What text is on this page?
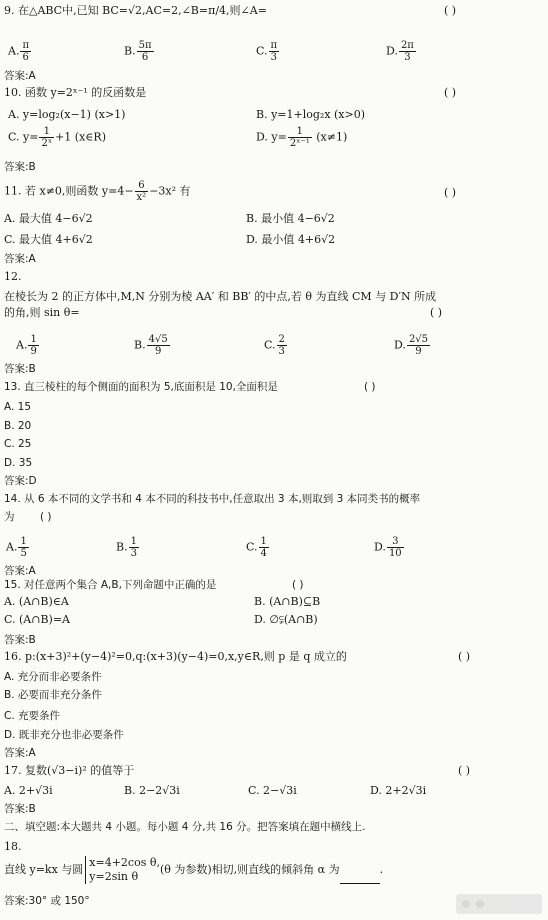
9. 在△ABC中,已知 BC=√2,AC=2,∠B=π/4,则∠A=	( )
A. $\frac{\pi}{6}$	B. $\frac{5\pi}{6}$	C. $\frac{\pi}{3}$	D. $\frac{2\pi}{3}$
答案:A
10. 函数 y=2ˣ⁻¹ 的反函数是	( )
A. y=log₂(x−1) (x>1)	B. y=1+log₂x (x>0)
C. $y= \frac{1}{\text{2ˣ}} +1$ (x∈R)	D. $y= \frac{1}{\text{2ˣ⁻¹}} (x\ne 1)$
答案:B
11. 若 x≠0,则函数 $y=4- \frac{6}{\text{x²}} -3x^2$ 有	( )
A. 最大值 4−6√2	B. 最小值 4−6√2
C. 最大值 4+6√2	D. 最小值 4+6√2
答案:A
12.
在棱长为 2 的正方体中,M,N 分别为棱 AA′ 和 BB′ 的中点,若 θ 为直线 CM 与 D′N 所成
的角,则 sin θ=	( )
A. $\frac{1}{9}$	B. $\frac{4√5}{9}$	C. $\frac{2}{3}$	D. $\frac{2√5}{9}$
答案:B
13. 直三棱柱的每个侧面的面积为 5,底面积是 10,全面积是	( )
A. 15
B. 20
C. 25
D. 35
答案:D
14. 从 6 本不同的文学书和 4 本不同的科技书中,任意取出 3 本,则取到 3 本同类书的概率
为 ( )
A. $\frac{1}{5}$	B. $\frac{1}{3}$	C. $\frac{1}{4}$	D. $\frac{3}{10}$
答案:A
15. 对任意两个集合 A,B,下列命题中正确的是	( )
A. (A∩B)∈A	B. (A∩B)⊆B
C. (A∩B)=A	D. ∅⫋(A∩B)
答案:B
16. p:(x+3)²+(y−4)²=0,q:(x+3)(y−4)=0,x,y∈R,则 p 是 q 成立的	( )
A. 充分而非必要条件
B. 必要而非充分条件
C. 充要条件
D. 既非充分也非必要条件
答案:A
17. 复数(√3−i)² 的值等于	( )
A. 2+√3i	B. 2−2√3i	C. 2−√3i	D. 2+2√3i
答案:B
二、填空题:本大题共 4 小题。每小题 4 分,共 16 分。把答案填在题中横线上.
18.
直线 y=kx 与圆
x=4+2cos θ,
y=2sin θ
(θ 为参数)相切,则直线的倾斜角 α 为	.
答案:30° 或 150°
